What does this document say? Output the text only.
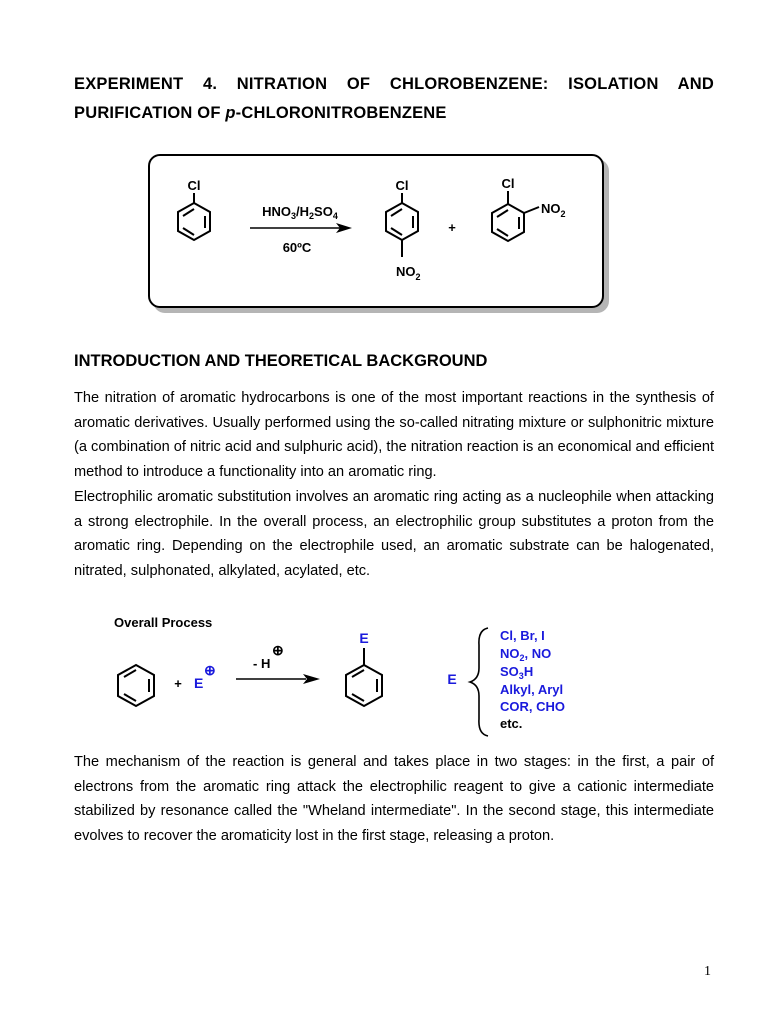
EXPERIMENT 4. NITRATION OF CHLOROBENZENE: ISOLATION AND
PURIFICATION OF p-CHLORONITROBENZENE
Cl
$HNO_3/H_2SO_4$
60ºC
Cl
$NO_2$
+
Cl
$NO_2$
Overall Process
+ E
⊕	- H
⊕
E
E
Cl, Br, I
$NO_2$, NO
$SO_3H$
Alkyl, Aryl
COR, CHO
etc.
INTRODUCTION AND THEORETICAL BACKGROUND

The nitration of aromatic hydrocarbons is one of the most important reactions in the synthesis of aromatic derivatives. Usually performed using the so-called nitrating mixture or sulphonitric mixture (a combination of nitric acid and sulphuric acid), the nitration reaction is an economical and efficient method to introduce a functionality into an aromatic ring.
Electrophilic aromatic substitution involves an aromatic ring acting as a nucleophile when attacking a strong electrophile. In the overall process, an electrophilic group substitutes a proton from the aromatic ring. Depending on the electrophile used, an aromatic substrate can be halogenated, nitrated, sulphonated, alkylated, acylated, etc.

The mechanism of the reaction is general and takes place in two stages: in the first, a pair of electrons from the aromatic ring attack the electrophilic reagent to give a cationic intermediate stabilized by resonance called the "Wheland intermediate". In the second stage, this intermediate evolves to recover the aromaticity lost in the first stage, releasing a proton.

1
